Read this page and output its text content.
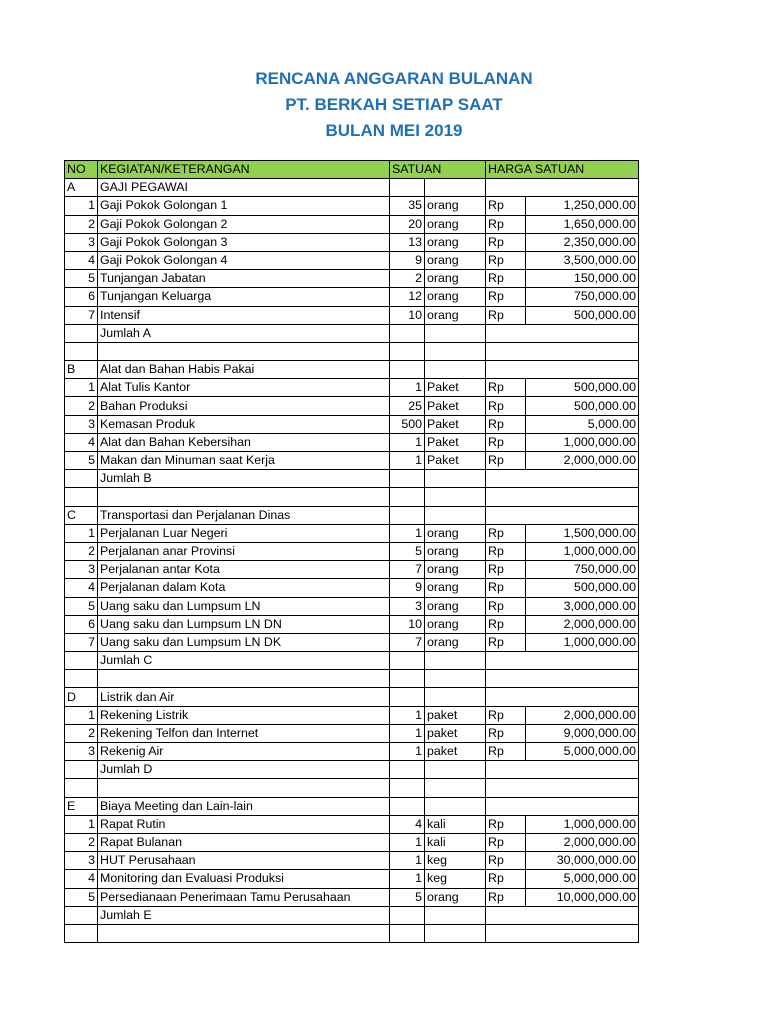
RENCANA ANGGARAN BULANAN
PT. BERKAH SETIAP SAAT
BULAN MEI 2019
NO	KEGIATAN/KETERANGAN	SATUAN		HARGA SATUAN	
A	GAJI PEGAWAI				
1	Gaji Pokok Golongan 1	35	orang	Rp	1,250,000.00
2	Gaji Pokok Golongan 2	20	orang	Rp	1,650,000.00
3	Gaji Pokok Golongan 3	13	orang	Rp	2,350,000.00
4	Gaji Pokok Golongan 4	9	orang	Rp	3,500,000.00
5	Tunjangan Jabatan	2	orang	Rp	150,000.00
6	Tunjangan Keluarga	12	orang	Rp	750,000.00
7	Intensif	10	orang	Rp	500,000.00
	Jumlah A				

B	Alat dan Bahan Habis Pakai				
1	Alat Tulis Kantor	1	Paket	Rp	500,000.00
2	Bahan Produksi	25	Paket	Rp	500,000.00
3	Kemasan Produk	500	Paket	Rp	5,000.00
4	Alat dan Bahan Kebersihan	1	Paket	Rp	1,000,000.00
5	Makan dan Minuman saat Kerja	1	Paket	Rp	2,000,000.00
	Jumlah B				

C	Transportasi dan Perjalanan Dinas				
1	Perjalanan Luar Negeri	1	orang	Rp	1,500,000.00
2	Perjalanan anar Provinsi	5	orang	Rp	1,000,000.00
3	Perjalanan antar Kota	7	orang	Rp	750,000.00
4	Perjalanan dalam Kota	9	orang	Rp	500,000.00
5	Uang saku dan Lumpsum LN	3	orang	Rp	3,000,000.00
6	Uang saku dan Lumpsum LN DN	10	orang	Rp	2,000,000.00
7	Uang saku dan Lumpsum LN DK	7	orang	Rp	1,000,000.00
	Jumlah C				

D	Listrik dan Air				
1	Rekening Listrik	1	paket	Rp	2,000,000.00
2	Rekening Telfon dan Internet	1	paket	Rp	9,000,000.00
3	Rekenig Air	1	paket	Rp	5,000,000.00
	Jumlah D				

E	Biaya Meeting dan Lain-lain				
1	Rapat Rutin	4	kali	Rp	1,000,000.00
2	Rapat Bulanan	1	kali	Rp	2,000,000.00
3	HUT Perusahaan	1	keg	Rp	30,000,000.00
4	Monitoring dan Evaluasi Produksi	1	keg	Rp	5,000,000.00
5	Persedianaan Penerimaan Tamu Perusahaan	5	orang	Rp	10,000,000.00
	Jumlah E				
